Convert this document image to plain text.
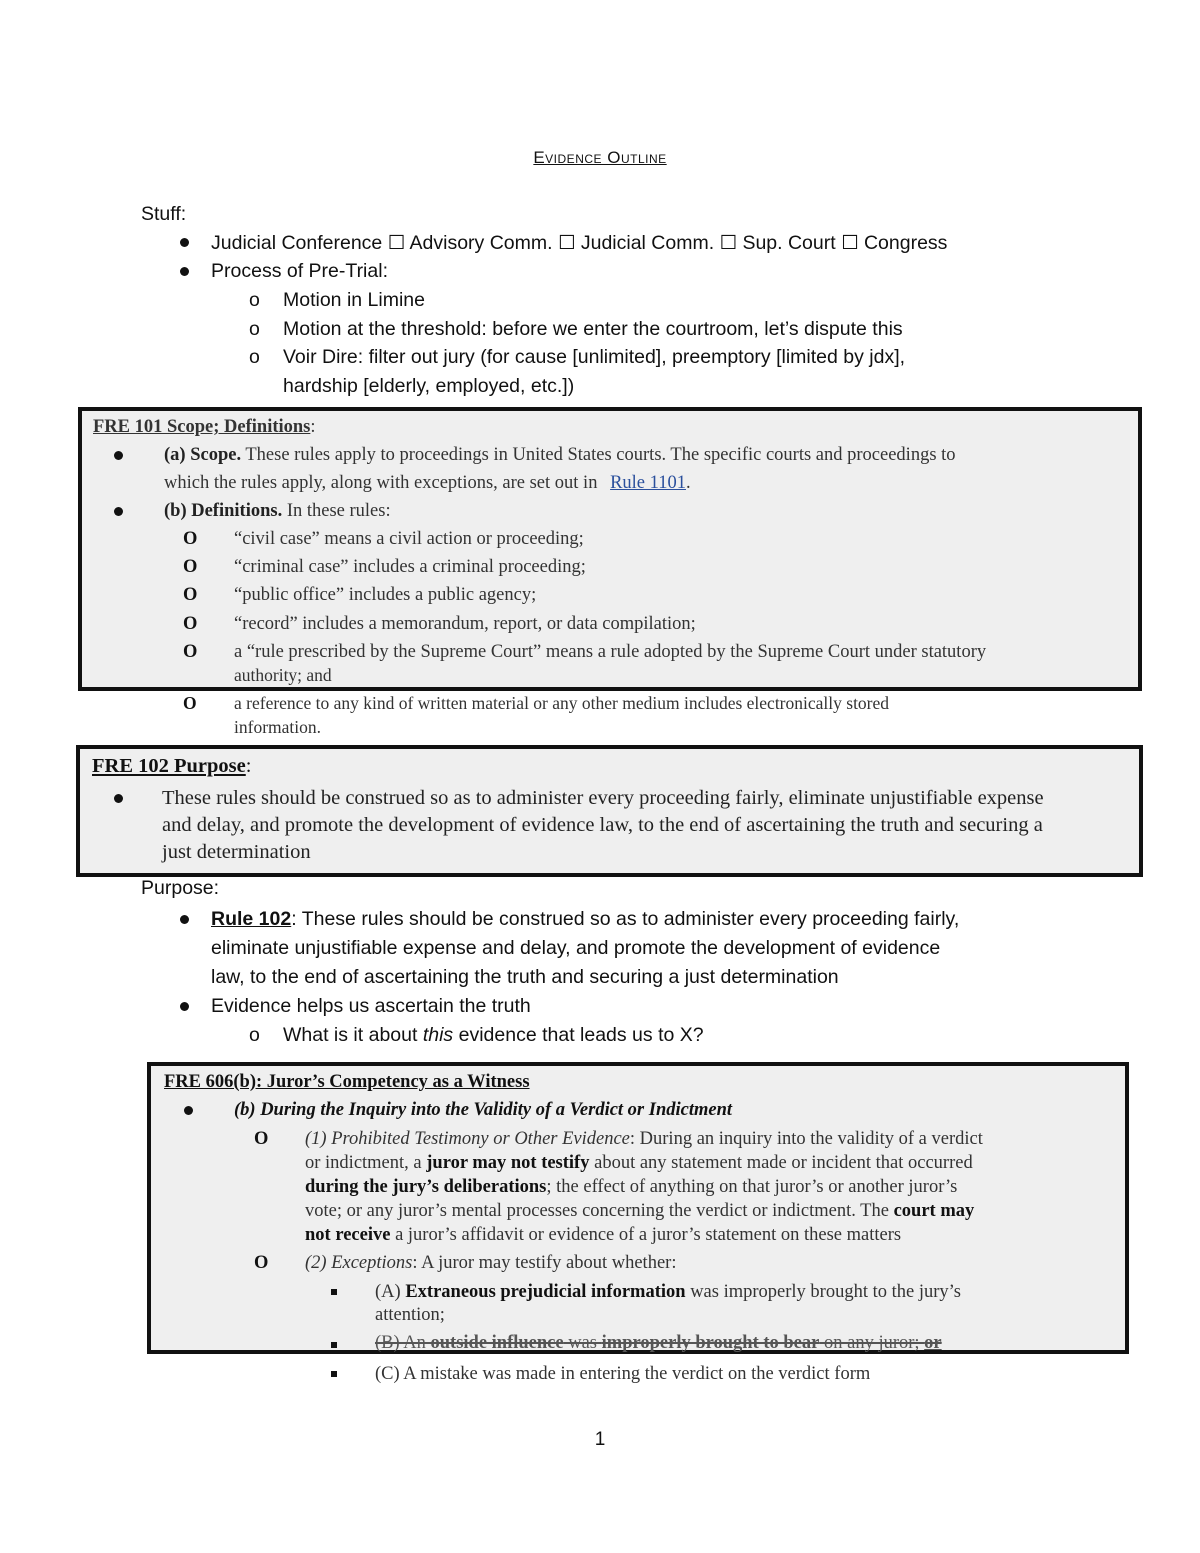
Evidence Outline
Stuff:
Judicial Conference ☐ Advisory Comm. ☐ Judicial Comm. ☐ Sup. Court ☐ Congress
Process of Pre-Trial:
o Motion in Limine
o Motion at the threshold: before we enter the courtroom, let’s dispute this
o Voir Dire: filter out jury (for cause [unlimited], preemptory [limited by jdx],
hardship [elderly, employed, etc.])
FRE 101 Scope; Definitions:
(a) Scope. These rules apply to proceedings in United States courts. The specific courts and proceedings to
which the rules apply, along with exceptions, are set out in Rule 1101.
(b) Definitions. In these rules:
O “civil case” means a civil action or proceeding;
O “criminal case” includes a criminal proceeding;
O “public office” includes a public agency;
O “record” includes a memorandum, report, or data compilation;
O a “rule prescribed by the Supreme Court” means a rule adopted by the Supreme Court under statutory
authority; and
O a reference to any kind of written material or any other medium includes electronically stored
information.
FRE 102 Purpose:
These rules should be construed so as to administer every proceeding fairly, eliminate unjustifiable expense
and delay, and promote the development of evidence law, to the end of ascertaining the truth and securing a
just determination
Purpose:
Rule 102: These rules should be construed so as to administer every proceeding fairly,
eliminate unjustifiable expense and delay, and promote the development of evidence
law, to the end of ascertaining the truth and securing a just determination
Evidence helps us ascertain the truth
o What is it about this evidence that leads us to X?
FRE 606(b): Juror’s Competency as a Witness
(b) During the Inquiry into the Validity of a Verdict or Indictment
O (1) Prohibited Testimony or Other Evidence: During an inquiry into the validity of a verdict
or indictment, a juror may not testify about any statement made or incident that occurred
during the jury’s deliberations; the effect of anything on that juror’s or another juror’s
vote; or any juror’s mental processes concerning the verdict or indictment. The court may
not receive a juror’s affidavit or evidence of a juror’s statement on these matters
O (2) Exceptions: A juror may testify about whether:
(A) Extraneous prejudicial information was improperly brought to the jury’s
attention;
(B) An outside influence was improperly brought to bear on any juror; or
(C) A mistake was made in entering the verdict on the verdict form
1
